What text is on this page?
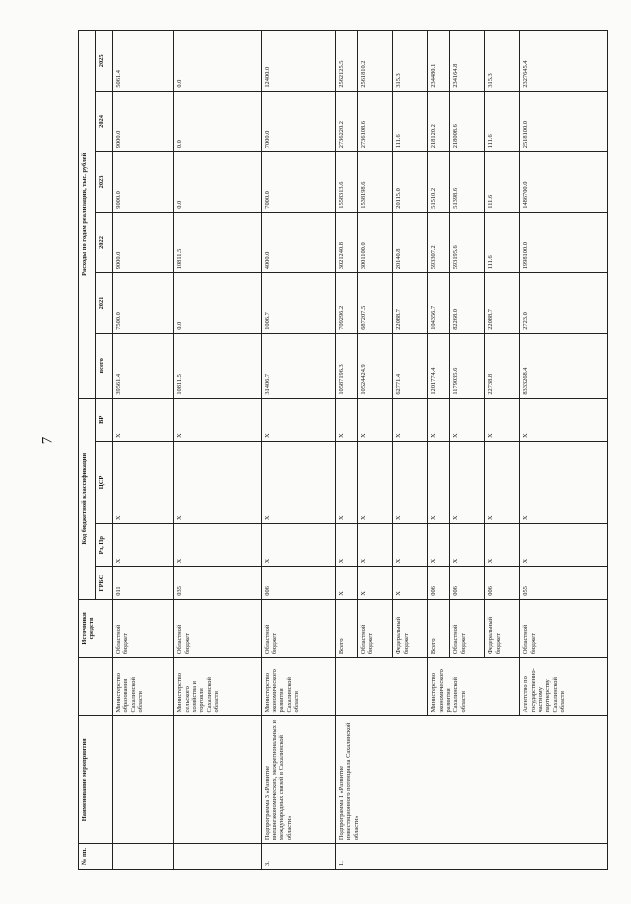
7
№ пп.	Наименование мероприятия		Источники средств	Код бюджетной классификации				Расходы по годам реализации, тыс. рублей					
				ГРБС	Рз, Пр	ЦСР	ВР	всего	2021	2022	2023	2024	2025
		Министерство образования Сахалинской области	Областной бюджет	011	Х	Х	Х	39561.4	7500.0	9000.0	9000.0	9000.0	5061.4
		Министерство сельского хозяйства и торговли Сахалинской области	Областной бюджет	035	Х	Х	Х	10811.5	0.0	10811.5	0.0	0.0	0.0
3.	Подпрограмма 3 «Развитие внешнеэкономических, межрегиональных и международных связей в Сахалинской области»	Министерство экономического развития Сахалинской области	Областной бюджет	006	Х	Х	Х	31406.7	1006.7	4000.0	7000.0	7000.0	12400.0
1.	Подпрограмма 1 «Развитие инвестиционного потенциала Сахалинской области»		Всего	Х	Х	Х	Х	10587196.3	709296.2	3021240.8	1558313.6	2736220.2	2562125.5
			Областной бюджет	Х	Х	Х	Х	10524424.9	687207.5	3001100.0	1538198.6	2736108.6	2561810.2
			Федеральный бюджет	Х	Х	Х	Х	62771.4	22088.7	20140.8	20115.0	111.6	315.3
		Министерство экономического развития Сахалинской области	Всего	006	Х	Х	Х	1201774.4	104356.7	593307.2	51510.2	218120.2	234480.1
			Областной бюджет	006	Х	Х	Х	1179035.6	82268.0	593195.6	51398.6	218008.6	234164.8
			Федеральный бюджет	006	Х	Х	Х	22738.8	22088.7	111.6	111.6	111.6	315.3
		Агентство по государственно-частному партнерству Сахалинской области	Областной бюджет	055	Х	Х	Х	8333268.4	2723.0	1998100.0	1486700.0	2518100.0	2327645.4
